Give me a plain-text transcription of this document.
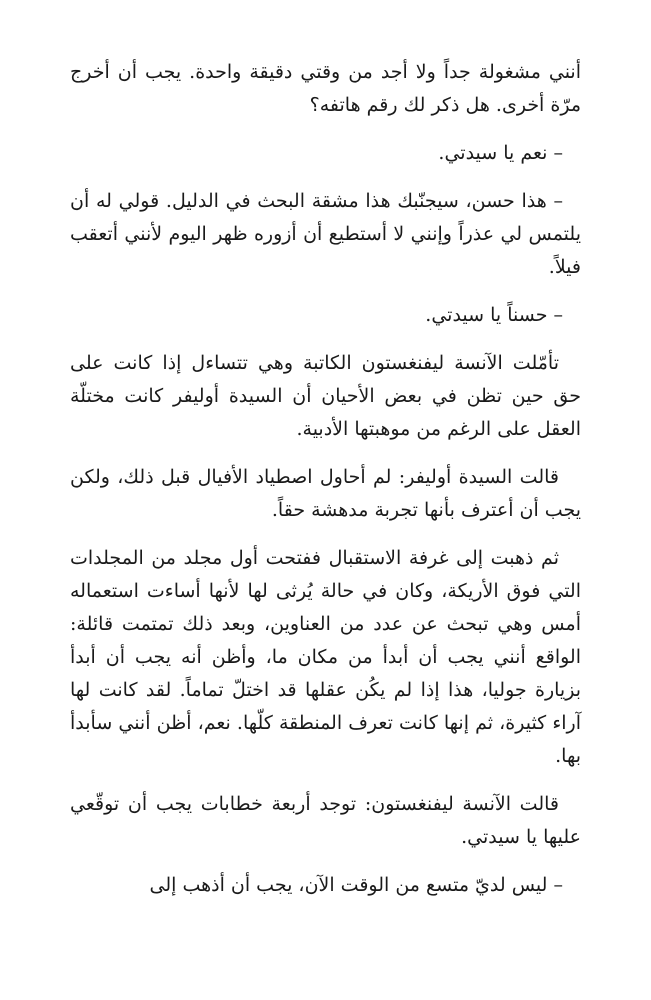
أنني مشغولة جداً ولا أجد من وقتي دقيقة واحدة. يجب أن أخرج مرّة أخرى. هل ذكر لك رقم هاتفه؟

– نعم يا سيدتي.

– هذا حسن، سيجنّبك هذا مشقة البحث في الدليل. قولي له أن يلتمس لي عذراً وإنني لا أستطيع أن أزوره ظهر اليوم لأنني أتعقب فيلاً.

– حسناً يا سيدتي.

تأمّلت الآنسة ليفنغستون الكاتبة وهي تتساءل إذا كانت على حق حين تظن في بعض الأحيان أن السيدة أوليفر كانت مختلّة العقل على الرغم من موهبتها الأدبية.

قالت السيدة أوليفر: لم أحاول اصطياد الأفيال قبل ذلك، ولكن يجب أن أعترف بأنها تجربة مدهشة حقاً.

ثم ذهبت إلى غرفة الاستقبال ففتحت أول مجلد من المجلدات التي فوق الأريكة، وكان في حالة يُرثى لها لأنها أساءت استعماله أمس وهي تبحث عن عدد من العناوين، وبعد ذلك تمتمت قائلة: الواقع أنني يجب أن أبدأ من مكان ما، وأظن أنه يجب أن أبدأ بزيارة جوليا، هذا إذا لم يكُن عقلها قد اختلّ تماماً. لقد كانت لها آراء كثيرة، ثم إنها كانت تعرف المنطقة كلّها. نعم، أظن أنني سأبدأ بها.

قالت الآنسة ليفنغستون: توجد أربعة خطابات يجب أن توقّعي عليها يا سيدتي.

– ليس لديّ متسع من الوقت الآن، يجب أن أذهب إلى
